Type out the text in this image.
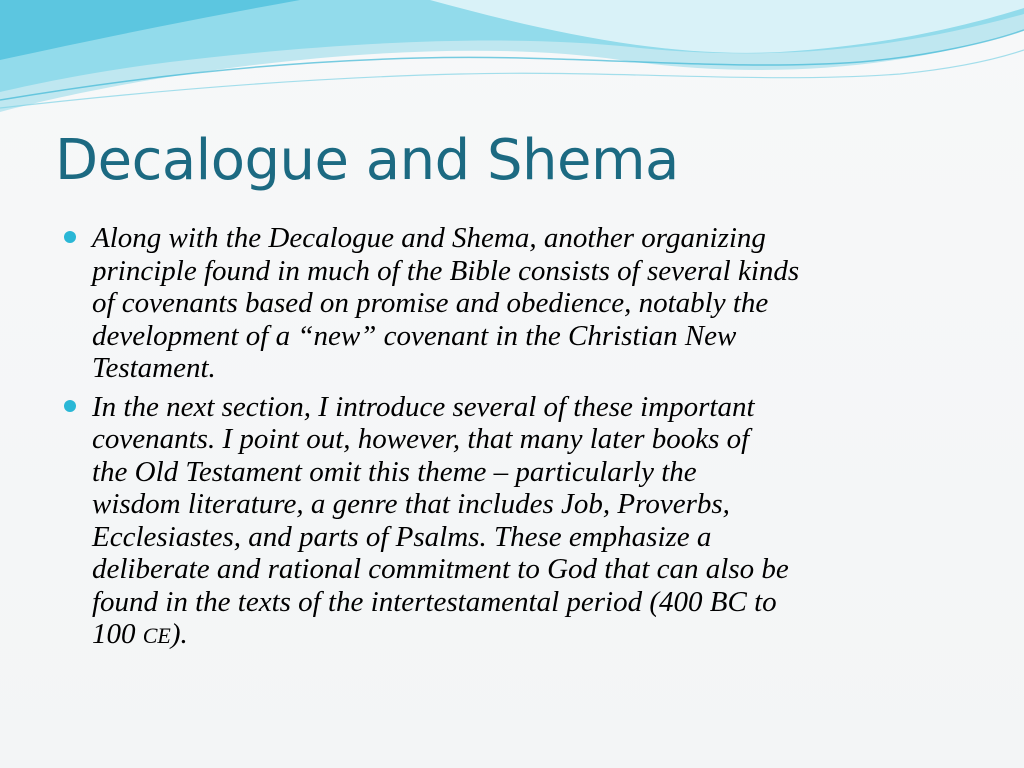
Decalogue and Shema
Along with the Decalogue and Shema, another organizing
principle found in much of the Bible consists of several kinds
of covenants based on promise and obedience, notably the
development of a “new” covenant in the Christian New
Testament.
In the next section, I introduce several of these important
covenants. I point out, however, that many later books of
the Old Testament omit this theme – particularly the
wisdom literature, a genre that includes Job, Proverbs,
Ecclesiastes, and parts of Psalms. These emphasize a
deliberate and rational commitment to God that can also be
found in the texts of the intertestamental period (400 BC to
100 CE).
